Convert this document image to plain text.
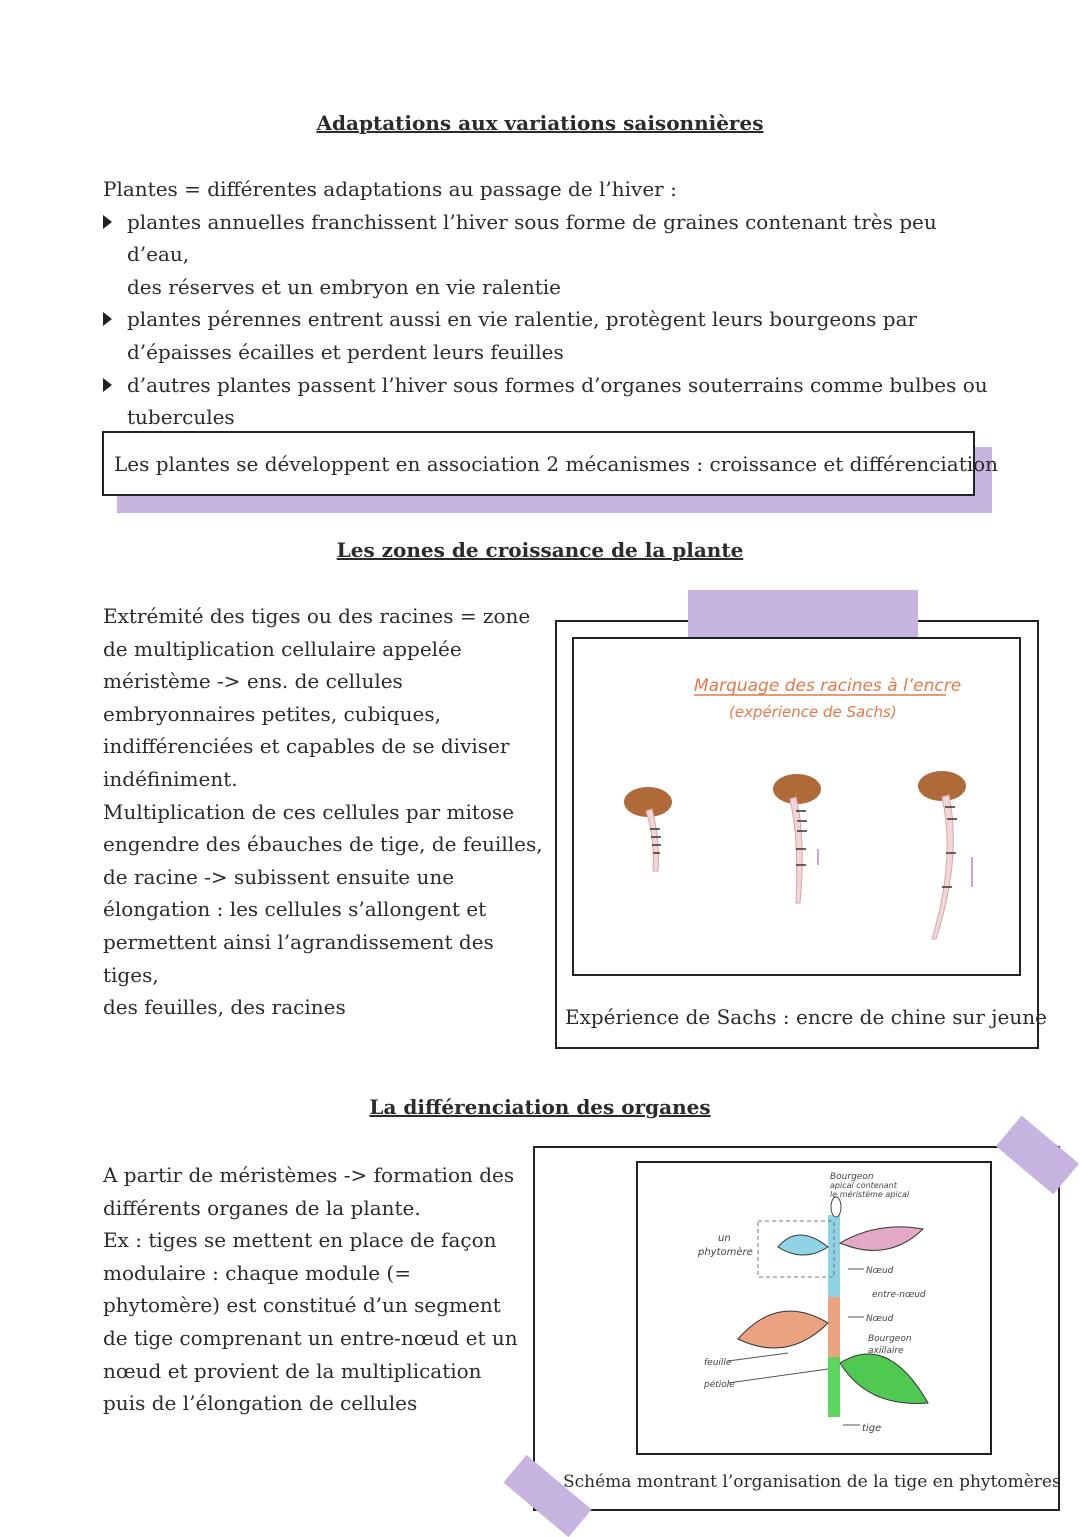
Adaptations aux variations saisonnières
Plantes = différentes adaptations au passage de l’hiver :
plantes annuelles franchissent l’hiver sous forme de graines contenant très peu d’eau,
des réserves et un embryon en vie ralentie
plantes pérennes entrent aussi en vie ralentie, protègent leurs bourgeons par
d’épaisses écailles et perdent leurs feuilles
d’autres plantes passent l’hiver sous formes d’organes souterrains comme bulbes ou
tubercules
Les plantes se développent en association 2 mécanismes : croissance et différenciation
Les zones de croissance de la plante
Extrémité des tiges ou des racines = zone
de multiplication cellulaire appelée
méristème -> ens. de cellules
embryonnaires petites, cubiques,
indifférenciées et capables de se diviser
indéfiniment.
Multiplication de ces cellules par mitose
engendre des ébauches de tige, de feuilles,
de racine -> subissent ensuite une
élongation : les cellules s’allongent et
permettent ainsi l’agrandissement des tiges,
des feuilles, des racines
Marquage des racines à l’encre
(expérience de Sachs)
Expérience de Sachs : encre de chine sur jeune
La différenciation des organes
A partir de méristèmes -> formation des
différents organes de la plante.
Ex : tiges se mettent en place de façon
modulaire : chaque module (=
phytomère) est constitué d’un segment
de tige comprenant un entre-nœud et un
nœud et provient de la multiplication
puis de l’élongation de cellules
Bourgeon
apical contenant
le méristème apical
un
phytomère
Nœud
entre-nœud
Nœud
Bourgeon
axillaire
feuille
pétiole
tige
Schéma montrant l’organisation de la tige en phytomères
